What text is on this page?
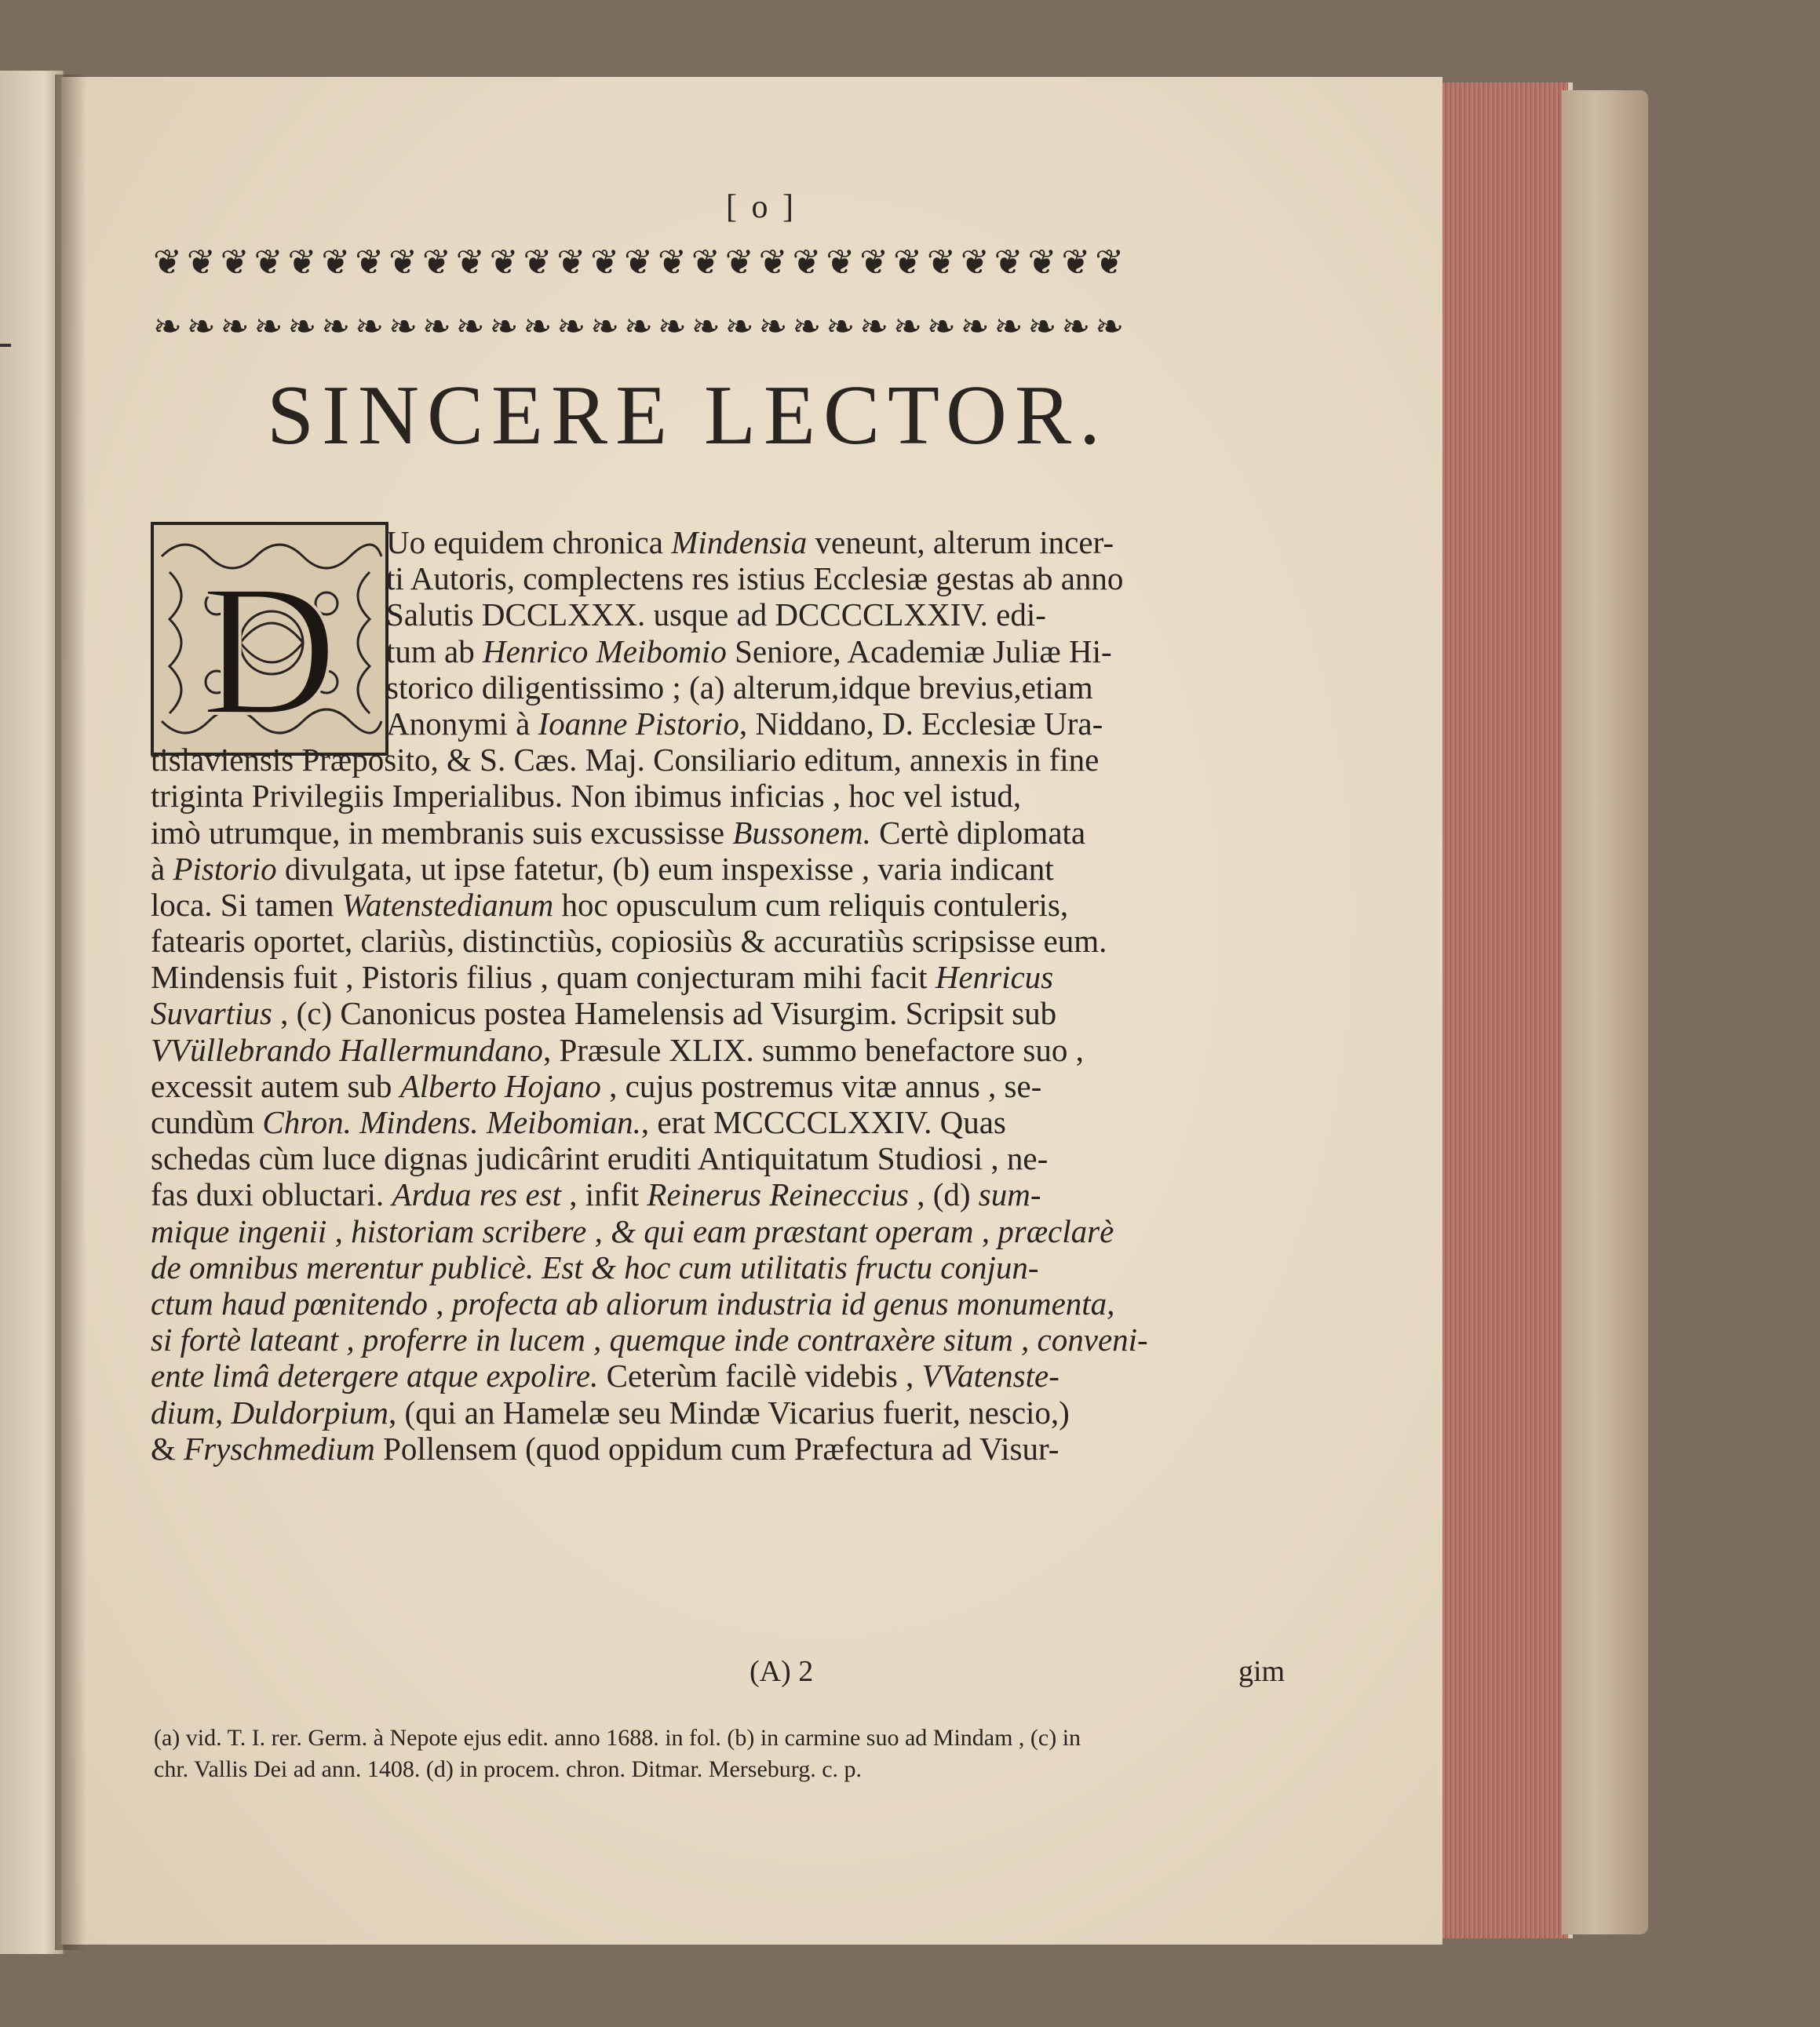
[ o ]
❦❦❦❦❦❦❦❦❦❦❦❦❦❦❦❦❦❦❦❦❦❦❦❦❦❦❦❦❦
❧❧❧❧❧❧❧❧❧❧❧❧❧❧❧❧❧❧❧❧❧❧❧❧❧❧❧❧❧
SINCERE LECTOR.
D
Uo equidem chronica Mindensia veneunt, alterum incer-
ti Autoris, complectens res istius Ecclesiæ gestas ab anno
Salutis DCCLXXX. usque ad DCCCCLXXIV. edi-
tum ab Henrico Meibomio Seniore, Academiæ Juliæ Hi-
storico diligentissimo ; (a) alterum,idque brevius,etiam
Anonymi à Ioanne Pistorio, Niddano, D. Ecclesiæ Ura-
tislaviensis Præposito, & S. Cæs. Maj. Consiliario editum, annexis in fine
triginta Privilegiis Imperialibus. Non ibimus inficias , hoc vel istud,
imò utrumque, in membranis suis excussisse Bussonem. Certè diplomata
à Pistorio divulgata, ut ipse fatetur, (b) eum inspexisse , varia indicant
loca. Si tamen Watenstedianum hoc opusculum cum reliquis contuleris,
fatearis oportet, clariùs, distinctiùs, copiosiùs & accuratiùs scripsisse eum.
Mindensis fuit , Pistoris filius , quam conjecturam mihi facit Henricus
Suvartius , (c) Canonicus postea Hamelensis ad Visurgim. Scripsit sub
VVüllebrando Hallermundano, Præsule XLIX. summo benefactore suo ,
excessit autem sub Alberto Hojano , cujus postremus vitæ annus , se-
cundùm Chron. Mindens. Meibomian., erat MCCCCLXXIV. Quas
schedas cùm luce dignas judicârint eruditi Antiquitatum Studiosi , ne-
fas duxi obluctari. Ardua res est , infit Reinerus Reineccius , (d) sum-
mique ingenii , historiam scribere , & qui eam præstant operam , præclarè
de omnibus merentur publicè. Est & hoc cum utilitatis fructu conjun-
ctum haud pœnitendo , profecta ab aliorum industria id genus monumenta,
si fortè lateant , proferre in lucem , quemque inde contraxère situm , conveni-
ente limâ detergere atque expolire. Ceterùm facilè videbis , VVatenste-
dium, Duldorpium, (qui an Hamelæ seu Mindæ Vicarius fuerit, nescio,)
& Fryschmedium Pollensem (quod oppidum cum Præfectura ad Visur-
(A) 2	gim
(a) vid. T. I. rer. Germ. à Nepote ejus edit. anno 1688. in fol. (b) in carmine suo ad Mindam , (c) in
chr. Vallis Dei ad ann. 1408. (d) in procem. chron. Ditmar. Merseburg. c. p.
